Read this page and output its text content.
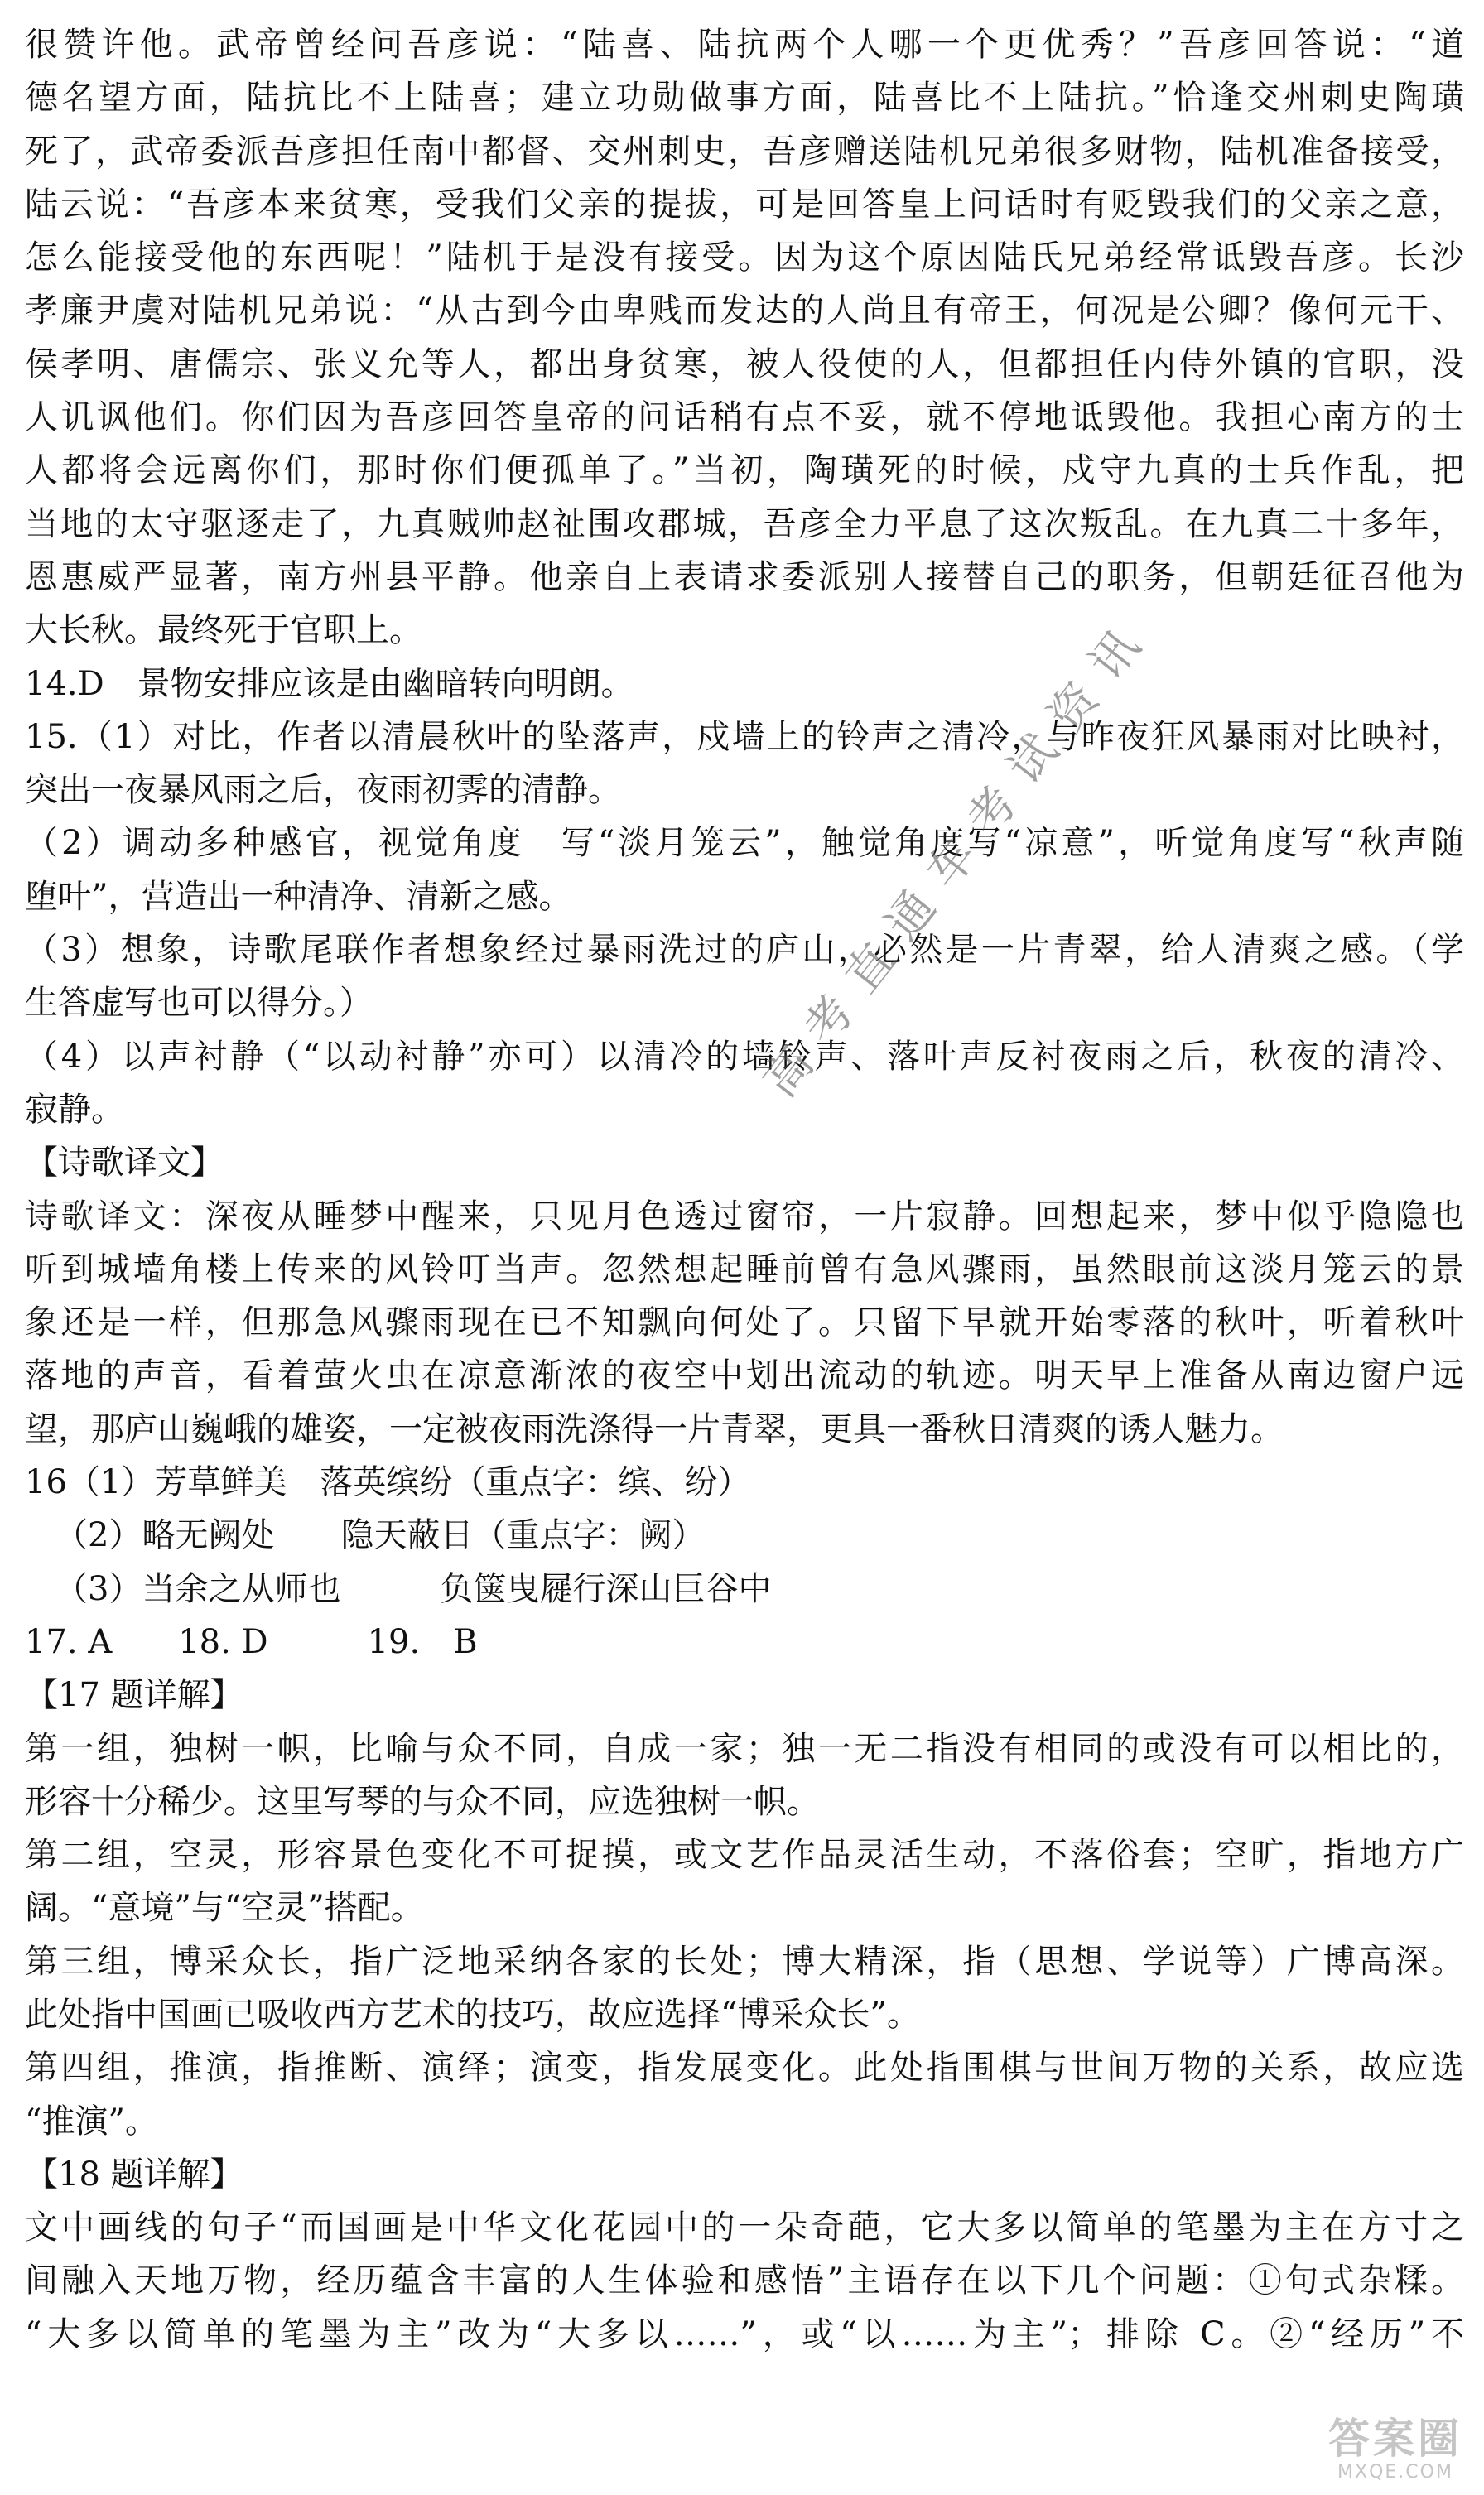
很赞许他。武帝曾经问吾彦说：“陆喜、陆抗两个人哪一个更优秀？”吾彦回答说：“道
德名望方面，陆抗比不上陆喜；建立功勋做事方面，陆喜比不上陆抗。”恰逢交州刺史陶璜
死了，武帝委派吾彦担任南中都督、交州刺史，吾彦赠送陆机兄弟很多财物，陆机准备接受，
陆云说：“吾彦本来贫寒，受我们父亲的提拔，可是回答皇上问话时有贬毁我们的父亲之意，
怎么能接受他的东西呢！”陆机于是没有接受。因为这个原因陆氏兄弟经常诋毁吾彦。长沙
孝廉尹虞对陆机兄弟说：“从古到今由卑贱而发达的人尚且有帝王，何况是公卿？像何元干、
侯孝明、唐儒宗、张义允等人，都出身贫寒，被人役使的人，但都担任内侍外镇的官职，没
人讥讽他们。你们因为吾彦回答皇帝的问话稍有点不妥，就不停地诋毁他。我担心南方的士
人都将会远离你们，那时你们便孤单了。”当初，陶璜死的时候，戍守九真的士兵作乱，把
当地的太守驱逐走了，九真贼帅赵祉围攻郡城，吾彦全力平息了这次叛乱。在九真二十多年，
恩惠威严显著，南方州县平静。他亲自上表请求委派别人接替自己的职务，但朝廷征召他为
大长秋。最终死于官职上。
14.D　景物安排应该是由幽暗转向明朗。
15.（1）对比，作者以清晨秋叶的坠落声，戍墙上的铃声之清冷，与昨夜狂风暴雨对比映衬，
突出一夜暴风雨之后，夜雨初霁的清静。
（2）调动多种感官，视觉角度　写“淡月笼云”，触觉角度写“凉意”，听觉角度写“秋声随
堕叶”，营造出一种清净、清新之感。
（3）想象，诗歌尾联作者想象经过暴雨洗过的庐山，必然是一片青翠，给人清爽之感。（学
生答虚写也可以得分。）
（4）以声衬静（“以动衬静”亦可）以清冷的墙铃声、落叶声反衬夜雨之后，秋夜的清冷、
寂静。
【诗歌译文】
诗歌译文：深夜从睡梦中醒来，只见月色透过窗帘，一片寂静。回想起来，梦中似乎隐隐也
听到城墙角楼上传来的风铃叮当声。忽然想起睡前曾有急风骤雨，虽然眼前这淡月笼云的景
象还是一样，但那急风骤雨现在已不知飘向何处了。只留下早就开始零落的秋叶，听着秋叶
落地的声音，看着萤火虫在凉意渐浓的夜空中划出流动的轨迹。明天早上准备从南边窗户远
望，那庐山巍峨的雄姿，一定被夜雨洗涤得一片青翠，更具一番秋日清爽的诱人魅力。
16（1）芳草鲜美　落英缤纷（重点字：缤、纷）
（2）略无阙处　　隐天蔽日（重点字：阙）
（3）当余之从师也　　　负箧曳屣行深山巨谷中
17. A　　18. D　　　19.　B
【17 题详解】
第一组，独树一帜，比喻与众不同，自成一家；独一无二指没有相同的或没有可以相比的，
形容十分稀少。这里写琴的与众不同，应选独树一帜。
第二组，空灵，形容景色变化不可捉摸，或文艺作品灵活生动，不落俗套；空旷，指地方广
阔。“意境”与“空灵”搭配。
第三组，博采众长，指广泛地采纳各家的长处；博大精深，指（思想、学说等）广博高深。
此处指中国画已吸收西方艺术的技巧，故应选择“博采众长”。
第四组，推演，指推断、演绎；演变，指发展变化。此处指围棋与世间万物的关系，故应选
“推演”。
【18 题详解】
文中画线的句子“而国画是中华文化花园中的一朵奇葩，它大多以简单的笔墨为主在方寸之
间融入天地万物，经历蕴含丰富的人生体验和感悟”主语存在以下几个问题：①句式杂糅。
“大多以简单的笔墨为主”改为“大多以……”，或“以……为主”；排除 C。②“经历”不
高考直通车考试资讯
答案圈
MXQE.COM
